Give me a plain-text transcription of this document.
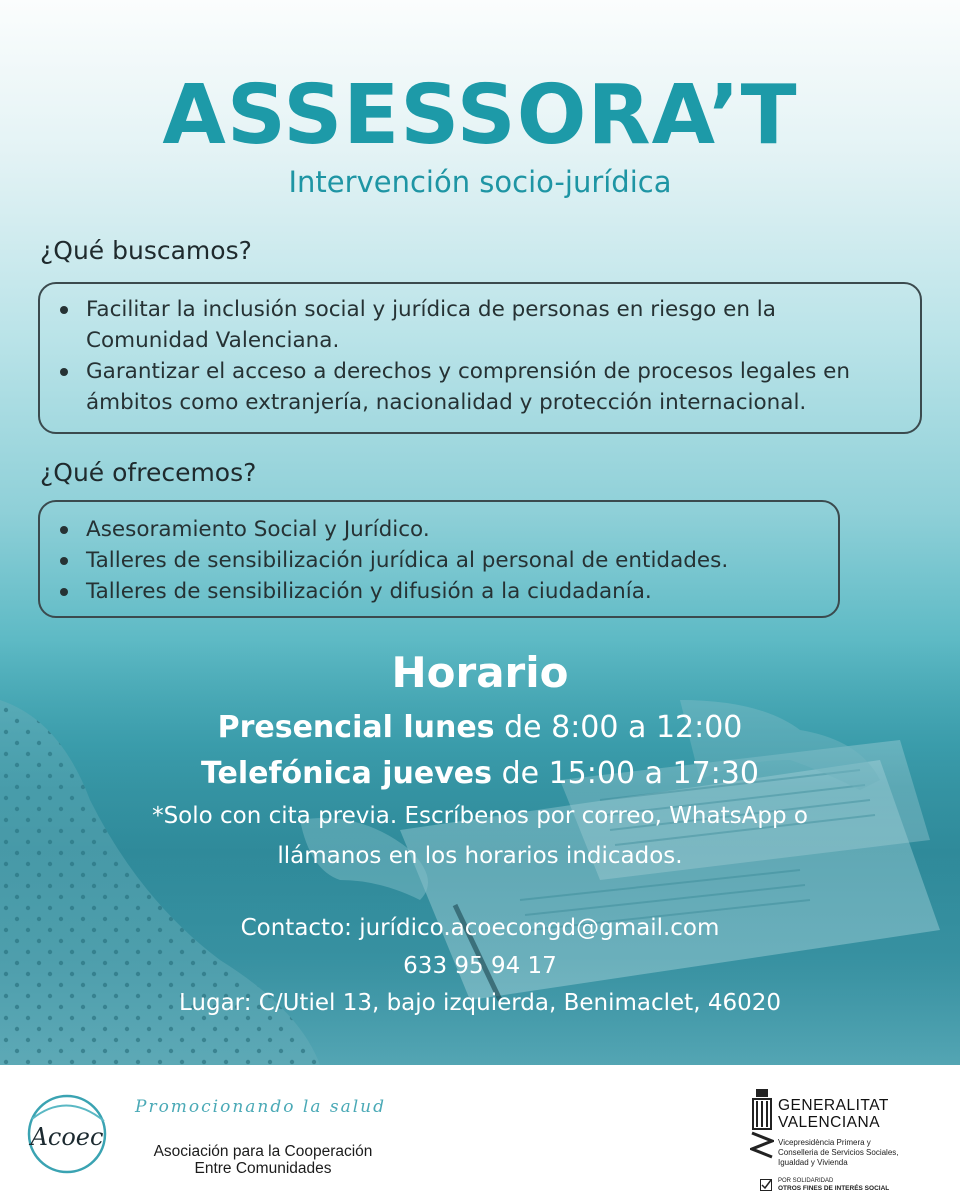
ASSESSORA’T
Intervención socio-jurídica
¿Qué buscamos?
Facilitar la inclusión social y jurídica de personas en riesgo en la Comunidad Valenciana.
Garantizar el acceso a derechos y comprensión de procesos legales en ámbitos como extranjería, nacionalidad y protección internacional.
¿Qué ofrecemos?
Asesoramiento Social y Jurídico.
Talleres de sensibilización jurídica al personal de entidades.
Talleres de sensibilización y difusión a la ciudadanía.
Horario
Presencial lunes de 8:00 a 12:00
Telefónica jueves de 15:00 a 17:30
*Solo con cita previa. Escríbenos por correo, WhatsApp o
llámanos en los horarios indicados.
Contacto: jurídico.acoecongd@gmail.com
633 95 94 17
Lugar: C/Utiel 13, bajo izquierda, Benimaclet, 46020
Acoec
Promocionando la salud
Asociación para la Cooperación
Entre Comunidades
GENERALITAT
VALENCIANA
Vicepresidència Primera y
Conselleria de Servicios Sociales,
Igualdad y Vivienda
POR SOLIDARIDAD
OTROS FINES DE INTERÉS SOCIAL
